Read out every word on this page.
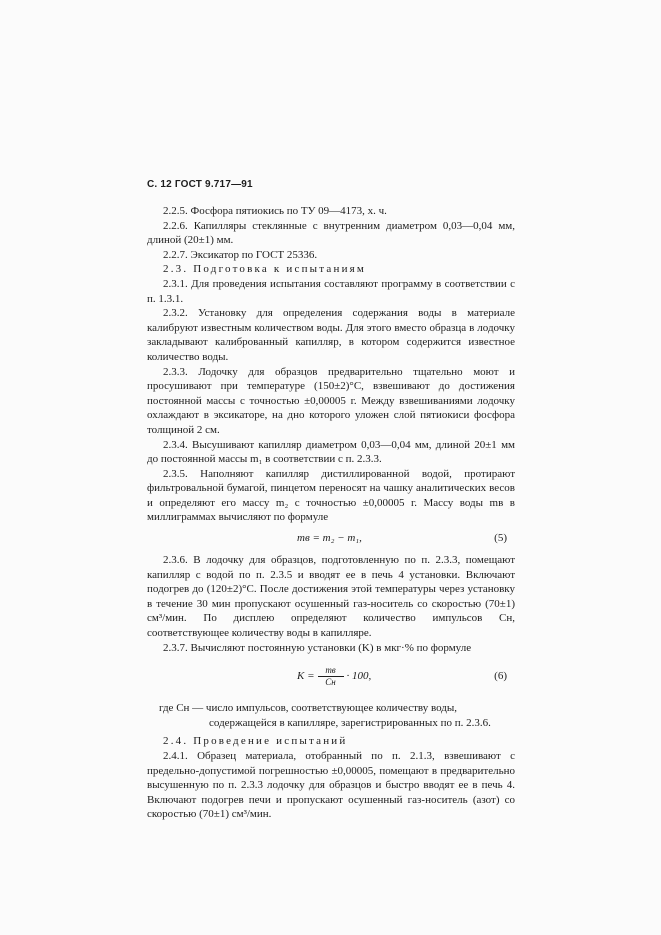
С. 12 ГОСТ 9.717—91

2.2.5. Фосфора пятиокись по ТУ 09—4173, х. ч.

2.2.6. Капилляры стеклянные с внутренним диаметром 0,03—0,04 мм, длиной (20±1) мм.

2.2.7. Эксикатор по ГОСТ 25336.

2.3. Подготовка к испытаниям

2.3.1. Для проведения испытания составляют программу в соответствии с п. 1.3.1.

2.3.2. Установку для определения содержания воды в материале калибруют известным количеством воды. Для этого вместо образца в лодочку закладывают калиброванный капилляр, в котором содержится известное количество воды.

2.3.3. Лодочку для образцов предварительно тщательно моют и просушивают при температуре (150±2)°С, взвешивают до достижения постоянной массы с точностью ±0,00005 г. Между взвешиваниями лодочку охлаждают в эксикаторе, на дно которого уложен слой пятиокиси фосфора толщиной 2 см.

2.3.4. Высушивают капилляр диаметром 0,03—0,04 мм, длиной 20±1 мм до постоянной массы m₁ в соответствии с п. 2.3.3.

2.3.5. Наполняют капилляр дистиллированной водой, протирают фильтровальной бумагой, пинцетом переносят на чашку аналитических весов и определяют его массу m₂ с точностью ±0,00005 г. Массу воды mв в миллиграммах вычисляют по формуле

mв = m₂ − m₁,	(5)

2.3.6. В лодочку для образцов, подготовленную по п. 2.3.3, помещают капилляр с водой по п. 2.3.5 и вводят ее в печь 4 установки. Включают подогрев до (120±2)°С. После достижения этой температуры через установку в течение 30 мин пропускают осушенный газ-носитель со скоростью (70±1) см³/мин. По дисплею определяют количество импульсов Cн, соответствующее количеству воды в капилляре.

2.3.7. Вычисляют постоянную установки (K) в мкг·% по формуле

$K = \frac{mв}{Cн} \cdot 100$,	(6)
где Cн — число импульсов, соответствующее количеству воды,
содержащейся в капилляре, зарегистрированных по п. 2.3.6.

2.4. Проведение испытаний

2.4.1. Образец материала, отобранный по п. 2.1.3, взвешивают с предельно-допустимой погрешностью ±0,00005, помещают в предварительно высушенную по п. 2.3.3 лодочку для образцов и быстро вводят ее в печь 4. Включают подогрев печи и пропускают осушенный газ-носитель (азот) со скоростью (70±1) см³/мин.
